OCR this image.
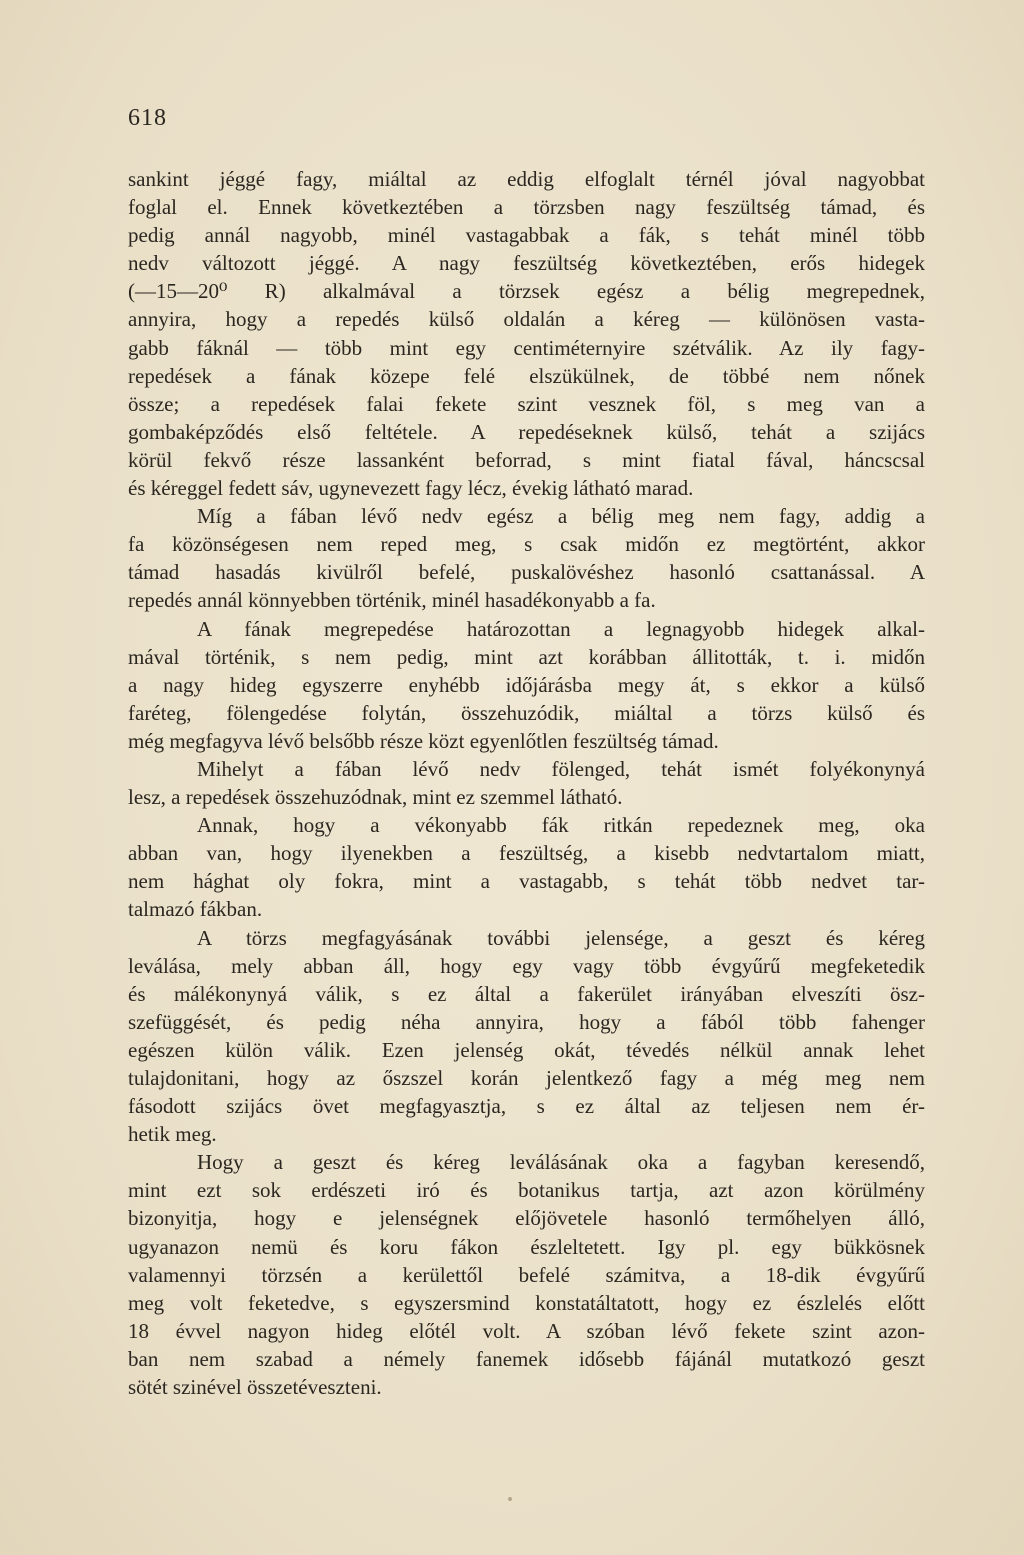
618
sankint jéggé fagy, miáltal az eddig elfoglalt térnél jóval nagyobbat
foglal el. Ennek következtében a törzsben nagy feszültség támad, és
pedig annál nagyobb, minél vastagabbak a fák, s tehát minél több
nedv változott jéggé. A nagy feszültség következtében, erős hidegek
(—15—20⁰ R) alkalmával a törzsek egész a bélig megrepednek,
annyira, hogy a repedés külső oldalán a kéreg — különösen vasta-
gabb fáknál — több mint egy centiméternyire szétválik. Az ily fagy-
repedések a fának közepe felé elszükülnek, de többé nem nőnek
össze; a repedések falai fekete szint vesznek föl, s meg van a
gombaképződés első feltétele. A repedéseknek külső, tehát a szijács
körül fekvő része lassanként beforrad, s mint fiatal fával, háncscsal
és kéreggel fedett sáv, ugynevezett fagy lécz, évekig látható marad.
Míg a fában lévő nedv egész a bélig meg nem fagy, addig a
fa közönségesen nem reped meg, s csak midőn ez megtörtént, akkor
támad hasadás kivülről befelé, puskalövéshez hasonló csattanással. A
repedés annál könnyebben történik, minél hasadékonyabb a fa.
A fának megrepedése határozottan a legnagyobb hidegek alkal-
mával történik, s nem pedig, mint azt korábban állitották, t. i. midőn
a nagy hideg egyszerre enyhébb időjárásba megy át, s ekkor a külső
faréteg, fölengedése folytán, összehuzódik, miáltal a törzs külső és
még megfagyva lévő belsőbb része közt egyenlőtlen feszültség támad.
Mihelyt a fában lévő nedv fölenged, tehát ismét folyékonynyá
lesz, a repedések összehuzódnak, mint ez szemmel látható.
Annak, hogy a vékonyabb fák ritkán repedeznek meg, oka
abban van, hogy ilyenekben a feszültség, a kisebb nedvtartalom miatt,
nem hághat oly fokra, mint a vastagabb, s tehát több nedvet tar-
talmazó fákban.
A törzs megfagyásának további jelensége, a geszt és kéreg
leválása, mely abban áll, hogy egy vagy több évgyűrű megfeketedik
és málékonynyá válik, s ez által a fakerület irányában elveszíti ösz-
szefüggését, és pedig néha annyira, hogy a fából több fahenger
egészen külön válik. Ezen jelenség okát, tévedés nélkül annak lehet
tulajdonitani, hogy az őszszel korán jelentkező fagy a még meg nem
fásodott szijács övet megfagyasztja, s ez által az teljesen nem ér-
hetik meg.
Hogy a geszt és kéreg leválásának oka a fagyban keresendő,
mint ezt sok erdészeti iró és botanikus tartja, azt azon körülmény
bizonyitja, hogy e jelenségnek előjövetele hasonló termőhelyen álló,
ugyanazon nemü és koru fákon észleltetett. Igy pl. egy bükkösnek
valamennyi törzsén a kerülettől befelé számitva, a 18-dik évgyűrű
meg volt feketedve, s egyszersmind konstatáltatott, hogy ez észlelés előtt
18 évvel nagyon hideg előtél volt. A szóban lévő fekete szint azon-
ban nem szabad a némely fanemek idősebb fájánál mutatkozó geszt
sötét szinével összetéveszteni.
